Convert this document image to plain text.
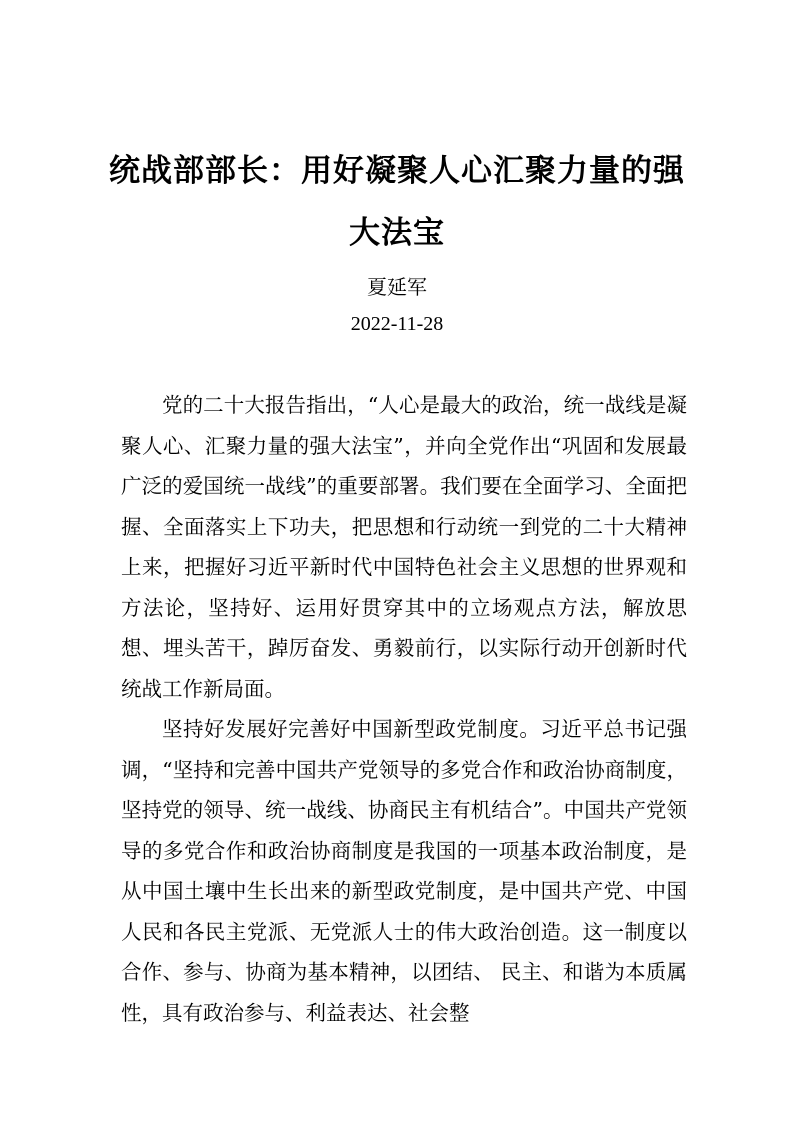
统战部部长：用好凝聚人心汇聚力量的强
大法宝
夏延军
2022-11-28

党的二十大报告指出，“人心是最大的政治，统一战线是凝聚人心、汇聚力量的强大法宝”，并向全党作出“巩固和发展最广泛的爱国统一战线”的重要部署。我们要在全面学习、全面把握、全面落实上下功夫，把思想和行动统一到党的二十大精神上来，把握好习近平新时代中国特色社会主义思想的世界观和方法论，坚持好、运用好贯穿其中的立场观点方法，解放思想、埋头苦干，踔厉奋发、勇毅前行，以实际行动开创新时代统战工作新局面。

坚持好发展好完善好中国新型政党制度。习近平总书记强调，“坚持和完善中国共产党领导的多党合作和政治协商制度，坚持党的领导、统一战线、协商民主有机结合”。中国共产党领导的多党合作和政治协商制度是我国的一项基本政治制度，是从中国土壤中生长出来的新型政党制度，是中国共产党、中国人民和各民主党派、无党派人士的伟大政治创造。这一制度以合作、参与、协商为基本精神，以团结、 民主、和谐为本质属性，具有政治参与、利益表达、社会整
